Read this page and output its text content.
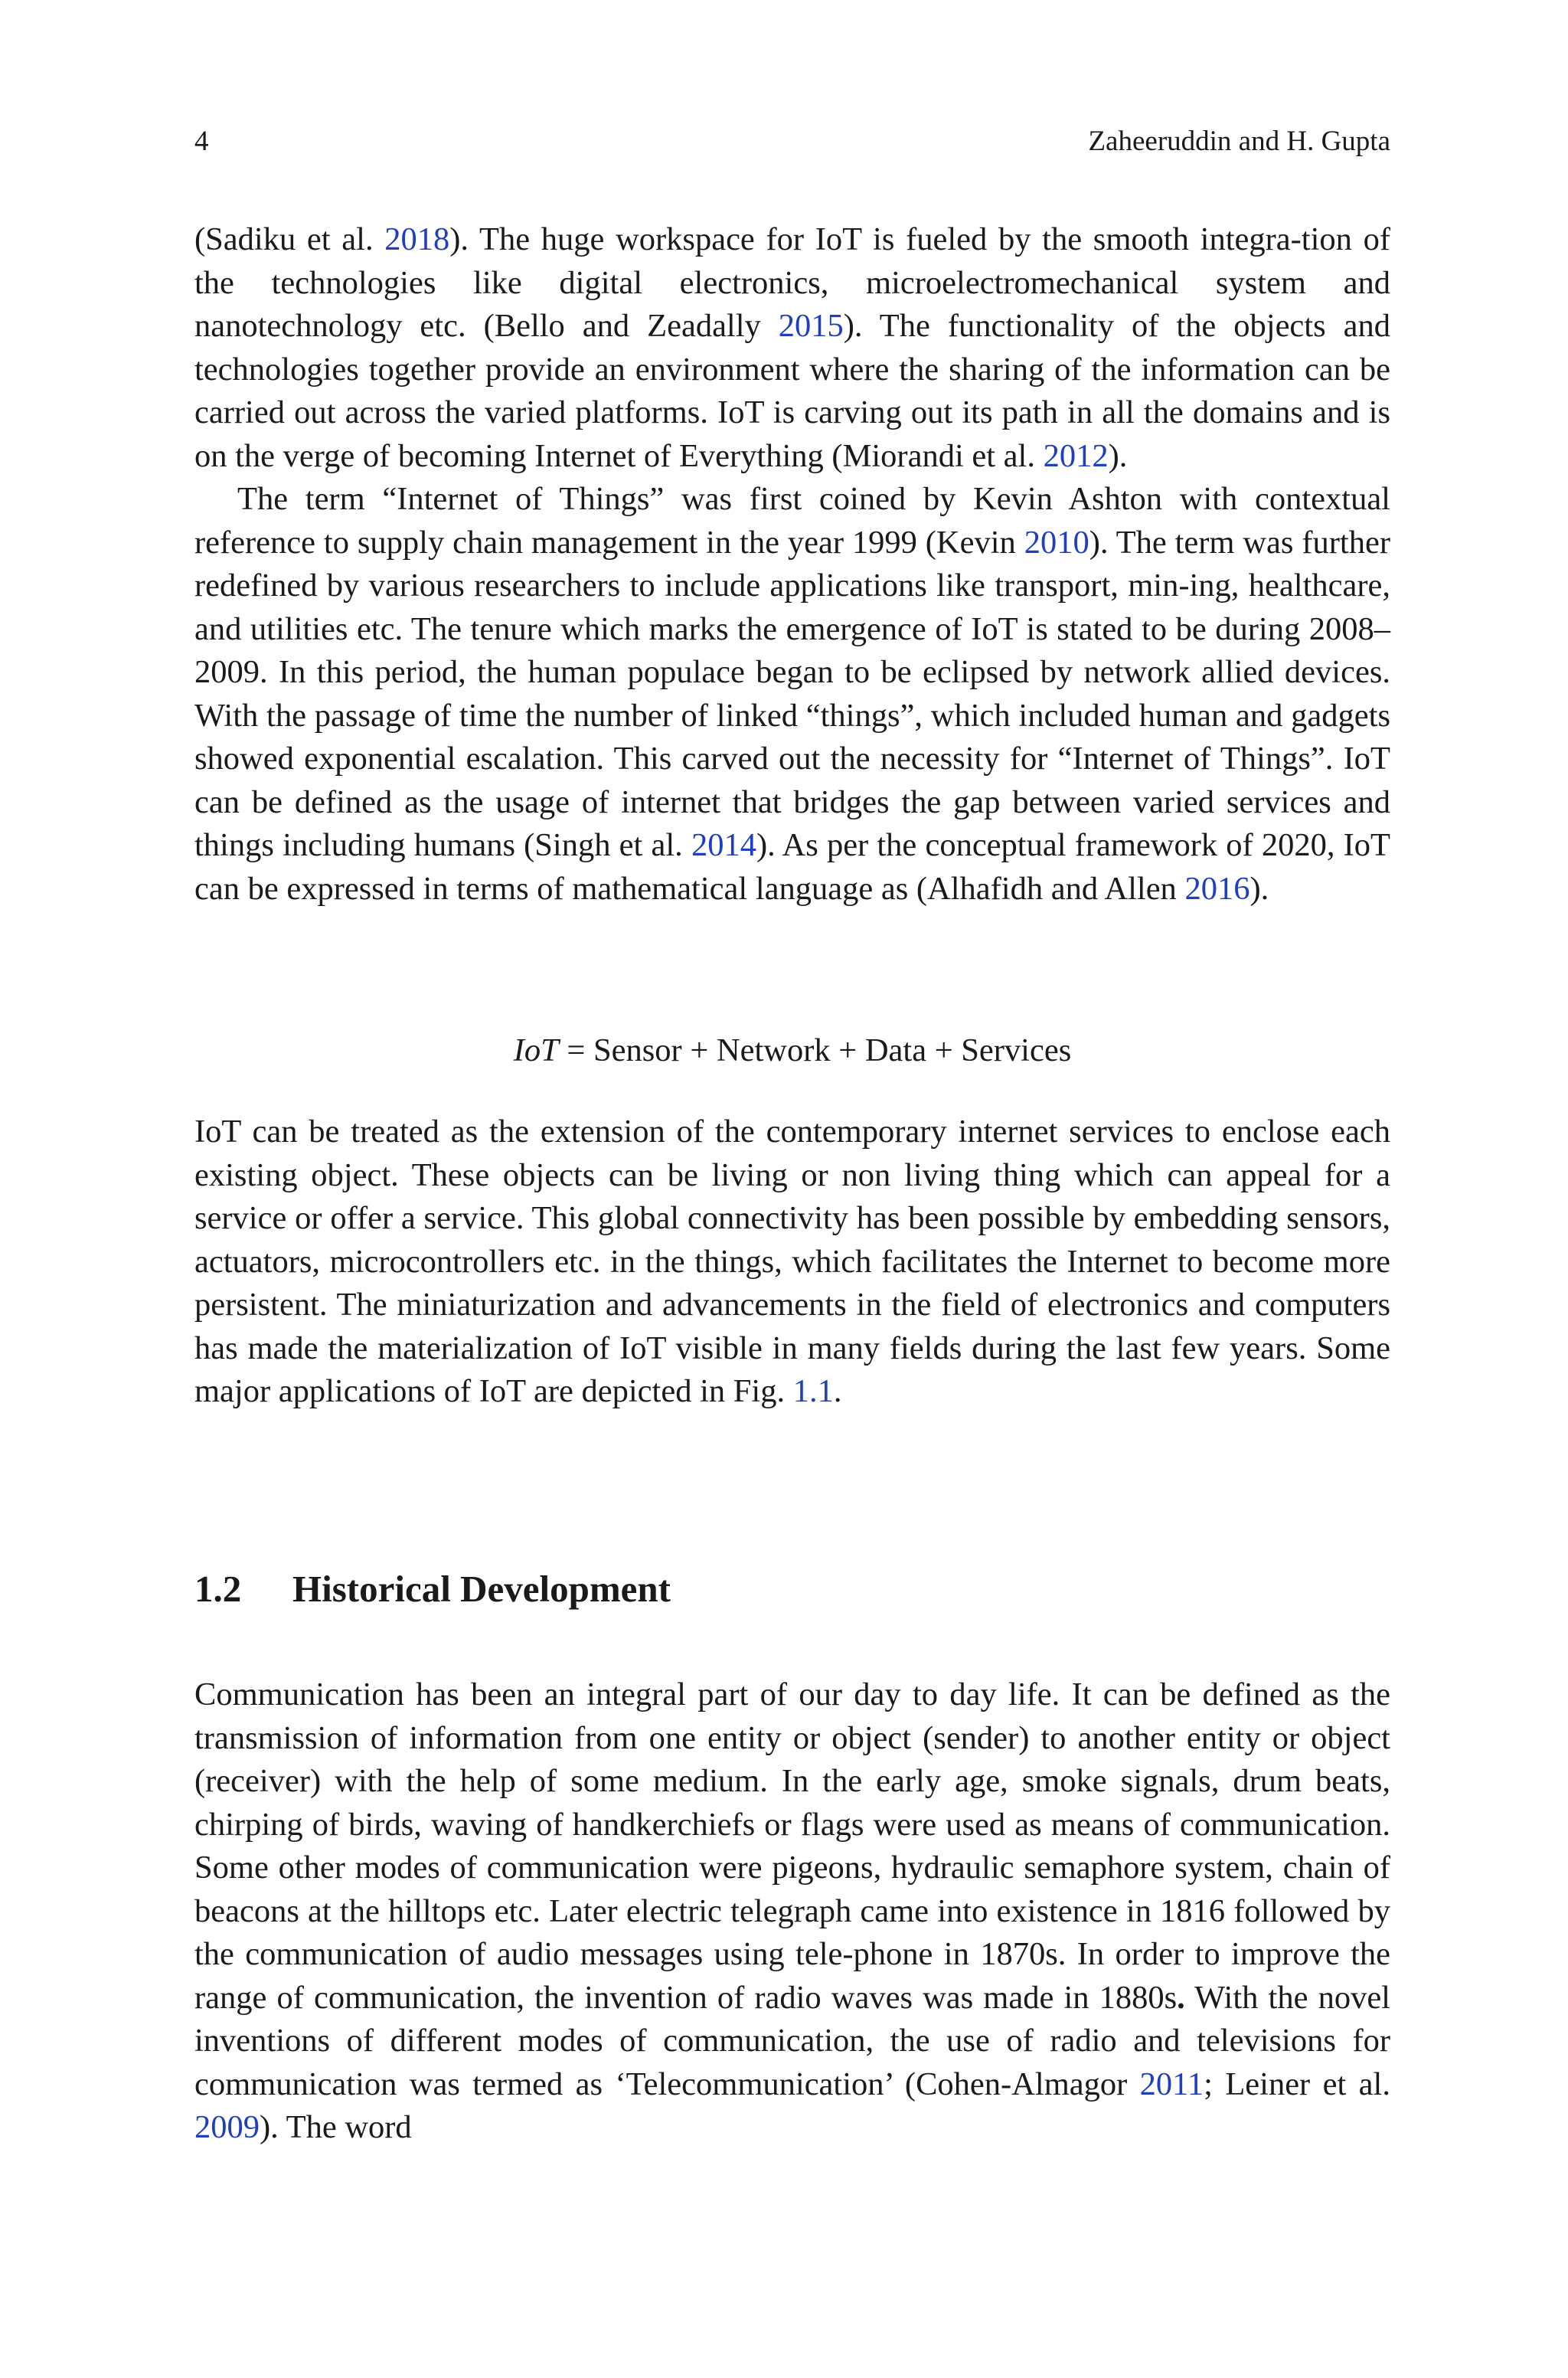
4	Zaheeruddin and H. Gupta

(Sadiku et al. 2018). The huge workspace for IoT is fueled by the smooth integra-tion of the technologies like digital electronics, microelectromechanical system and nanotechnology etc. (Bello and Zeadally 2015). The functionality of the objects and technologies together provide an environment where the sharing of the information can be carried out across the varied platforms. IoT is carving out its path in all the domains and is on the verge of becoming Internet of Everything (Miorandi et al. 2012).

The term “Internet of Things” was first coined by Kevin Ashton with contextual reference to supply chain management in the year 1999 (Kevin 2010). The term was further redefined by various researchers to include applications like transport, min-ing, healthcare, and utilities etc. The tenure which marks the emergence of IoT is stated to be during 2008–2009. In this period, the human populace began to be eclipsed by network allied devices. With the passage of time the number of linked “things”, which included human and gadgets showed exponential escalation. This carved out the necessity for “Internet of Things”. IoT can be defined as the usage of internet that bridges the gap between varied services and things including humans (Singh et al. 2014). As per the conceptual framework of 2020, IoT can be expressed in terms of mathematical language as (Alhafidh and Allen 2016).

IoT = Sensor + Network + Data + Services

IoT can be treated as the extension of the contemporary internet services to enclose each existing object. These objects can be living or non living thing which can appeal for a service or offer a service. This global connectivity has been possible by embedding sensors, actuators, microcontrollers etc. in the things, which facilitates the Internet to become more persistent. The miniaturization and advancements in the field of electronics and computers has made the materialization of IoT visible in many fields during the last few years. Some major applications of IoT are depicted in Fig. 1.1.

1.2 Historical Development

Communication has been an integral part of our day to day life. It can be defined as the transmission of information from one entity or object (sender) to another entity or object (receiver) with the help of some medium. In the early age, smoke signals, drum beats, chirping of birds, waving of handkerchiefs or flags were used as means of communication. Some other modes of communication were pigeons, hydraulic semaphore system, chain of beacons at the hilltops etc. Later electric telegraph came into existence in 1816 followed by the communication of audio messages using tele-phone in 1870s. In order to improve the range of communication, the invention of radio waves was made in 1880s. With the novel inventions of different modes of communication, the use of radio and televisions for communication was termed as ‘Telecommunication’ (Cohen-Almagor 2011; Leiner et al. 2009). The word
